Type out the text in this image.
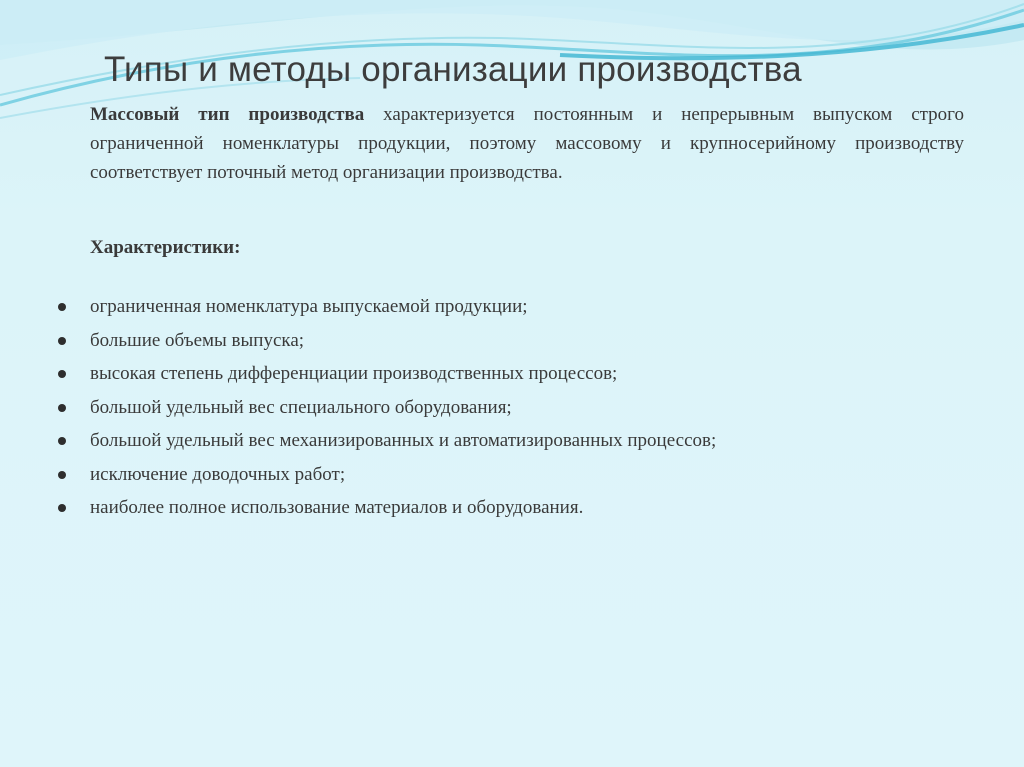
Типы и методы организации производства
Массовый тип производства характеризуется постоянным и непрерывным выпуском строго ограниченной номенклатуры продукции, поэтому массовому и крупносерийному производству соответствует поточный метод организации производства.
Характеристики:
ограниченная номенклатура выпускаемой продукции;
большие объемы выпуска;
высокая степень дифференциации производственных процессов;
большой удельный вес специального оборудования;
большой удельный вес механизированных и автоматизированных процессов;
исключение доводочных работ;
наиболее полное использование материалов и оборудования.
